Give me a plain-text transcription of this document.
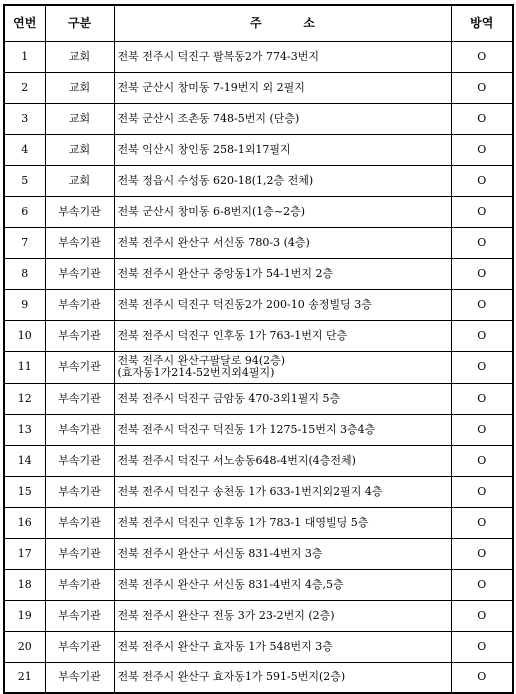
연번	구분	주          소	방역
1	교회	전북 전주시 덕진구 팔복동2가 774-3번지	O
2	교회	전북 군산시 창미동 7-19번지 외 2필지	O
3	교회	전북 군산시 조촌동 748-5번지 (단층)	O
4	교회	전북 익산시 창인동 258-1외17필지	O
5	교회	전북 정읍시 수성동 620-18(1,2층 전체)	O
6	부속기관	전북 군산시 창미동 6-8번지(1층~2층)	O
7	부속기관	전북 전주시 완산구 서신동 780-3 (4층)	O
8	부속기관	전북 전주시 완산구 중앙동1가 54-1번지 2층	O
9	부속기관	전북 전주시 덕진구 덕진동2가 200-10 송정빌딩 3층	O
10	부속기관	전북 전주시 덕진구 인후동 1가 763-1번지 단층	O
11	부속기관	전북 전주시 완산구팔달로 94(2층)
(효자동1가214-52번지외4필지)	O
12	부속기관	전북 전주시 덕진구 금암동 470-3외1필지 5층	O
13	부속기관	전북 전주시 덕진구 덕진동 1가 1275-15번지 3층4층	O
14	부속기관	전북 전주시 덕진구 서노송동648-4번지(4층전체)	O
15	부속기관	전북 전주시 덕진구 송천동 1가 633-1번지외2필지 4층	O
16	부속기관	전북 전주시 덕진구 인후동 1가 783-1 대영빌딩 5층	O
17	부속기관	전북 전주시 완산구 서신동 831-4번지 3층	O
18	부속기관	전북 전주시 완산구 서신동 831-4번지 4층,5층	O
19	부속기관	전북 전주시 완산구 전동 3가 23-2번지 (2층)	O
20	부속기관	전북 전주시 완산구 효자동 1가 548번지 3층	O
21	부속기관	전북 전주시 완산구 효자동1가 591-5번지(2층)	O
